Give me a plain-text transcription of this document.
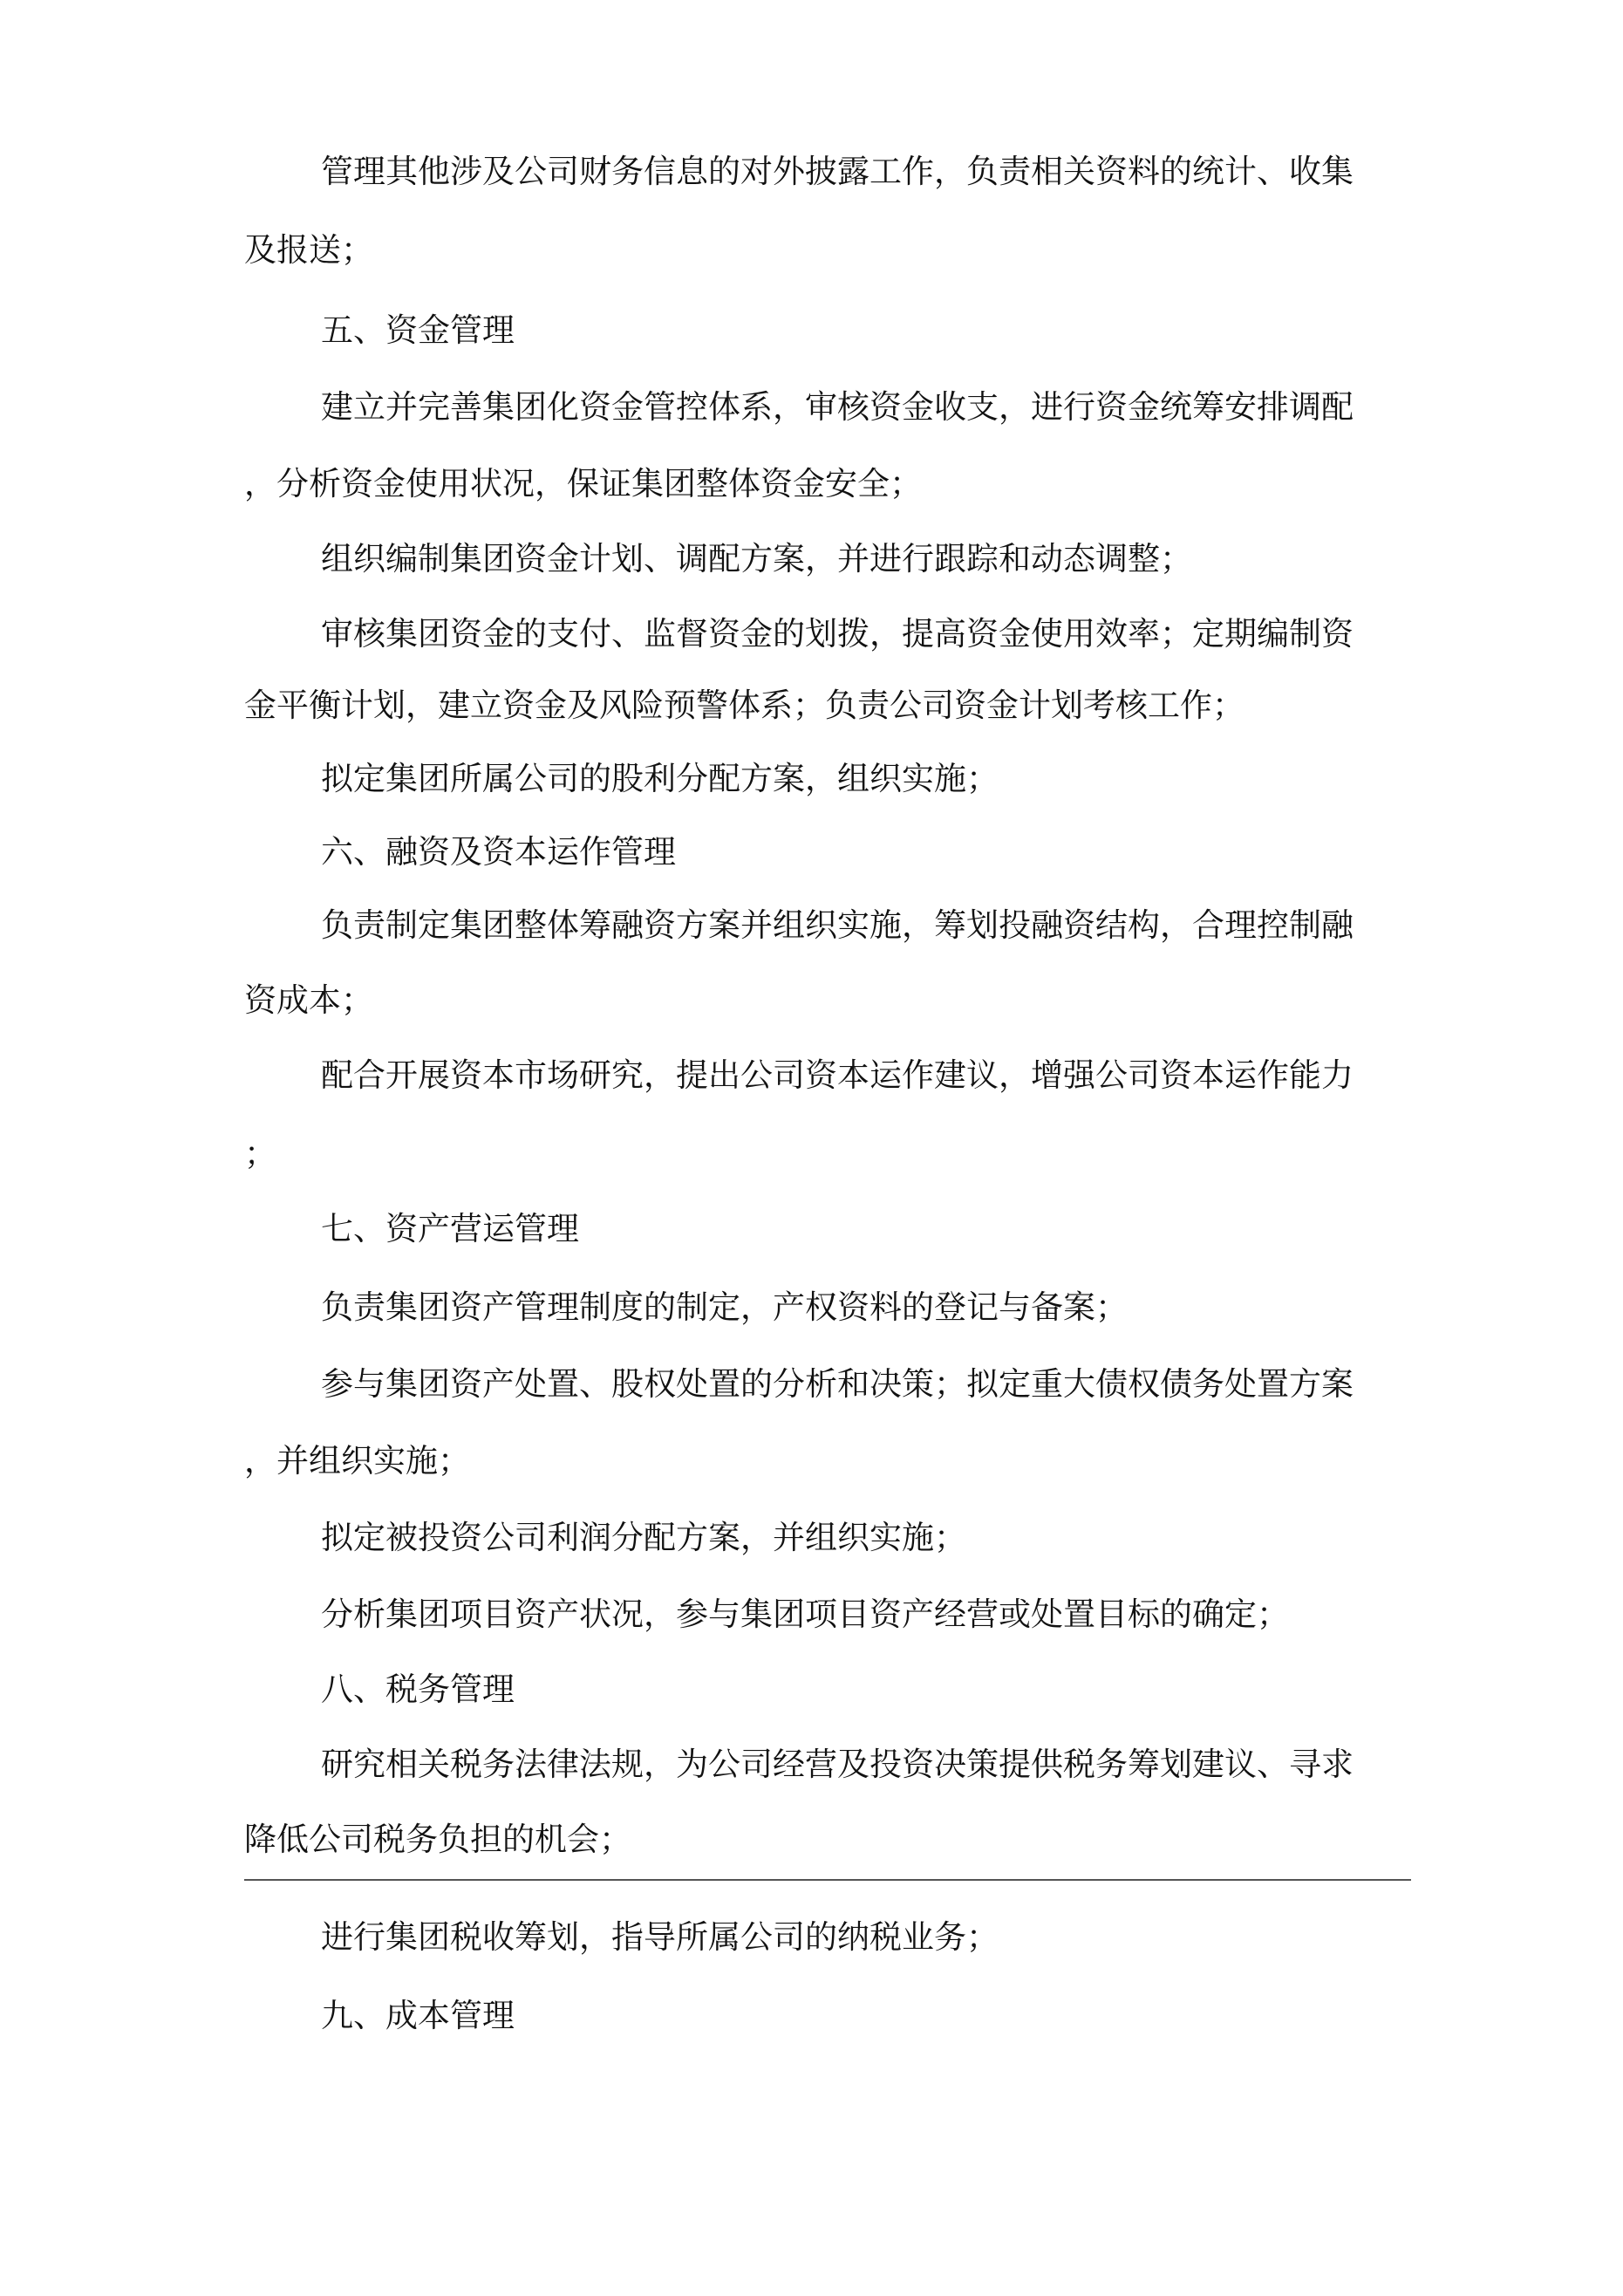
管理其他涉及公司财务信息的对外披露工作，负责相关资料的统计、收集
及报送；
五、资金管理
建立并完善集团化资金管控体系，审核资金收支，进行资金统筹安排调配
，分析资金使用状况，保证集团整体资金安全；
组织编制集团资金计划、调配方案，并进行跟踪和动态调整；
审核集团资金的支付、监督资金的划拨，提高资金使用效率；定期编制资
金平衡计划，建立资金及风险预警体系；负责公司资金计划考核工作；
拟定集团所属公司的股利分配方案，组织实施；
六、融资及资本运作管理
负责制定集团整体筹融资方案并组织实施，筹划投融资结构，合理控制融
资成本；
配合开展资本市场研究，提出公司资本运作建议，增强公司资本运作能力
；
七、资产营运管理
负责集团资产管理制度的制定，产权资料的登记与备案；
参与集团资产处置、股权处置的分析和决策；拟定重大债权债务处置方案
，并组织实施；
拟定被投资公司利润分配方案，并组织实施；
分析集团项目资产状况，参与集团项目资产经营或处置目标的确定；
八、税务管理
研究相关税务法律法规，为公司经营及投资决策提供税务筹划建议、寻求
降低公司税务负担的机会；
进行集团税收筹划，指导所属公司的纳税业务；
九、成本管理
